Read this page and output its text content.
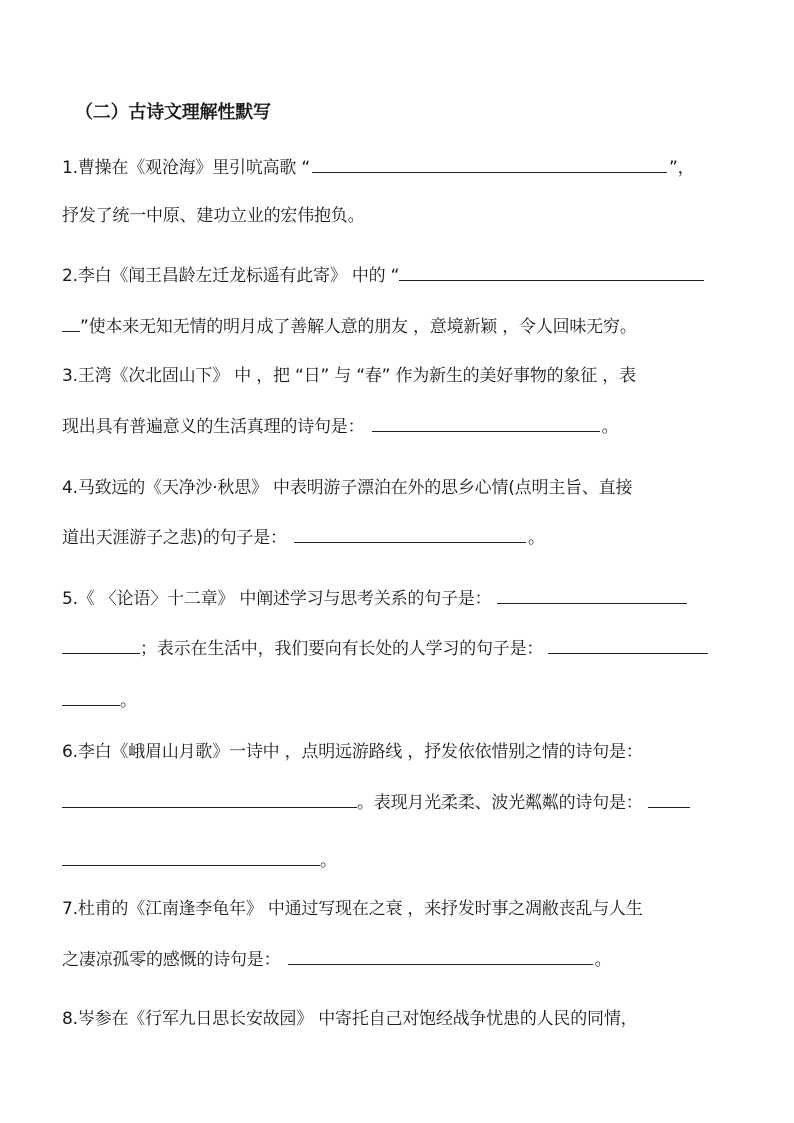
（二）古诗文理解性默写
1.曹操在《观沧海》里引吭高歌 “	”，
抒发了统一中原、建功立业的宏伟抱负。
2.李白《闻王昌龄左迁龙标遥有此寄》 中的 “
”使本来无知无情的明月成了善解人意的朋友 ，意境新颖 ，令人回味无穷。
3.王湾《次北固山下》 中 ，把 “日” 与 “春” 作为新生的美好事物的象征 ，表
现出具有普遍意义的生活真理的诗句是：	。
4.马致远的《天净沙·秋思》 中表明游子漂泊在外的思乡心情(点明主旨、直接
道出天涯游子之悲)的句子是：	。
5.《 〈论语〉十二章》 中阐述学习与思考关系的句子是：
；表示在生活中，我们要向有长处的人学习的句子是：
。
6.李白《峨眉山月歌》一诗中 ，点明远游路线 ，抒发依依惜别之情的诗句是：
。表现月光柔柔、波光粼粼的诗句是：
。
7.杜甫的《江南逢李龟年》 中通过写现在之衰 ，来抒发时事之凋敝丧乱与人生
之凄凉孤零的感慨的诗句是：	。
8.岑参在《行军九日思长安故园》 中寄托自己对饱经战争忧患的人民的同情，
